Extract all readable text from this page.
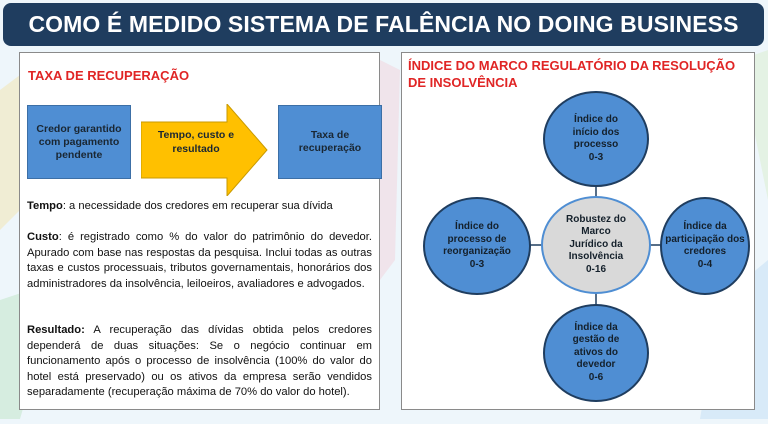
COMO É MEDIDO SISTEMA DE FALÊNCIA NO DOING BUSINESS
TAXA DE RECUPERAÇÃO
Credor garantido com pagamento pendente
Tempo, custo e resultado
Taxa de recuperação
Tempo: a necessidade dos credores em recuperar sua dívida
Custo: é registrado como % do valor do patrimônio do devedor. Apurado com base nas respostas da pesquisa. Inclui todas as outras taxas e custos processuais, tributos governamentais, honorários dos administradores da insolvência, leiloeiros, avaliadores e advogados.
Resultado: A recuperação das dívidas obtida pelos credores dependerá de duas situações: Se o negócio continuar em funcionamento após o processo de insolvência (100% do valor do hotel está preservado) ou os ativos da empresa serão vendidos separadamente (recuperação máxima de 70% do valor do hotel).
ÍNDICE DO MARCO REGULATÓRIO DA RESOLUÇÃO DE INSOLVÊNCIA
Índice do início dos processo
0-3
Índice do processo de reorganização
0-3
Robustez do Marco Jurídico da Insolvência
0-16
Índice da participação dos credores
0-4
Índice da gestão de ativos do devedor
0-6
